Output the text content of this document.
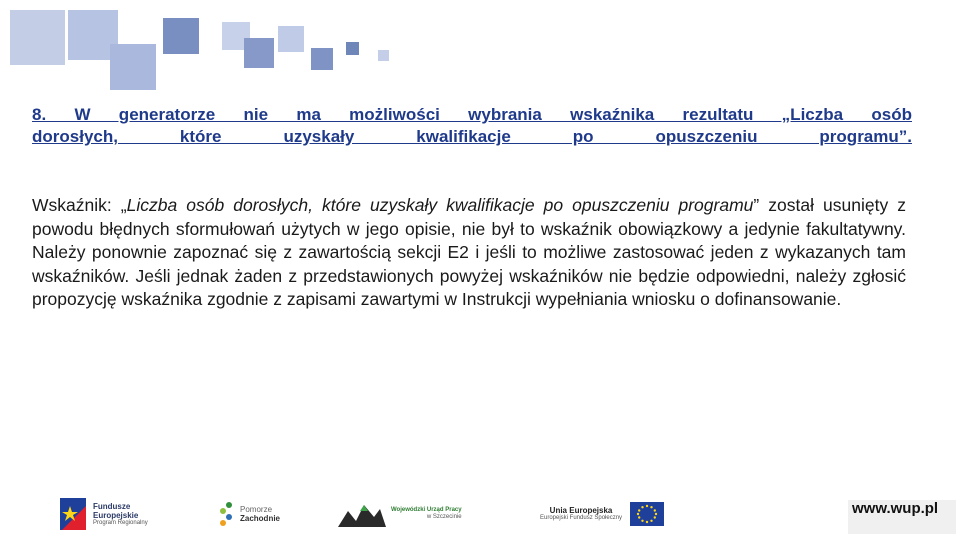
8. W generatorze nie ma możliwości wybrania wskaźnika rezultatu „Liczba osób
dorosłych, które uzyskały kwalifikacje po opuszczeniu programu”.

Wskaźnik: „Liczba osób dorosłych, które uzyskały kwalifikacje po opuszczeniu programu” został usunięty z powodu błędnych sformułowań użytych w jego opisie, nie był to wskaźnik obowiązkowy a jedynie fakultatywny. Należy ponownie zapoznać się z zawartością sekcji E2 i jeśli to możliwe zastosować jeden z wykazanych tam wskaźników. Jeśli jednak żaden z przedstawionych powyżej wskaźników nie będzie odpowiedni, należy zgłosić propozycję wskaźnika zgodnie z zapisami zawartymi w Instrukcji wypełniania wniosku o dofinansowanie.

Fundusze
Europejskie
Program Regionalny
Pomorze
Zachodnie
Wojewódzki Urząd Pracy
w Szczecinie
Unia Europejska
Europejski Fundusz Społeczny
www.wup.pl
